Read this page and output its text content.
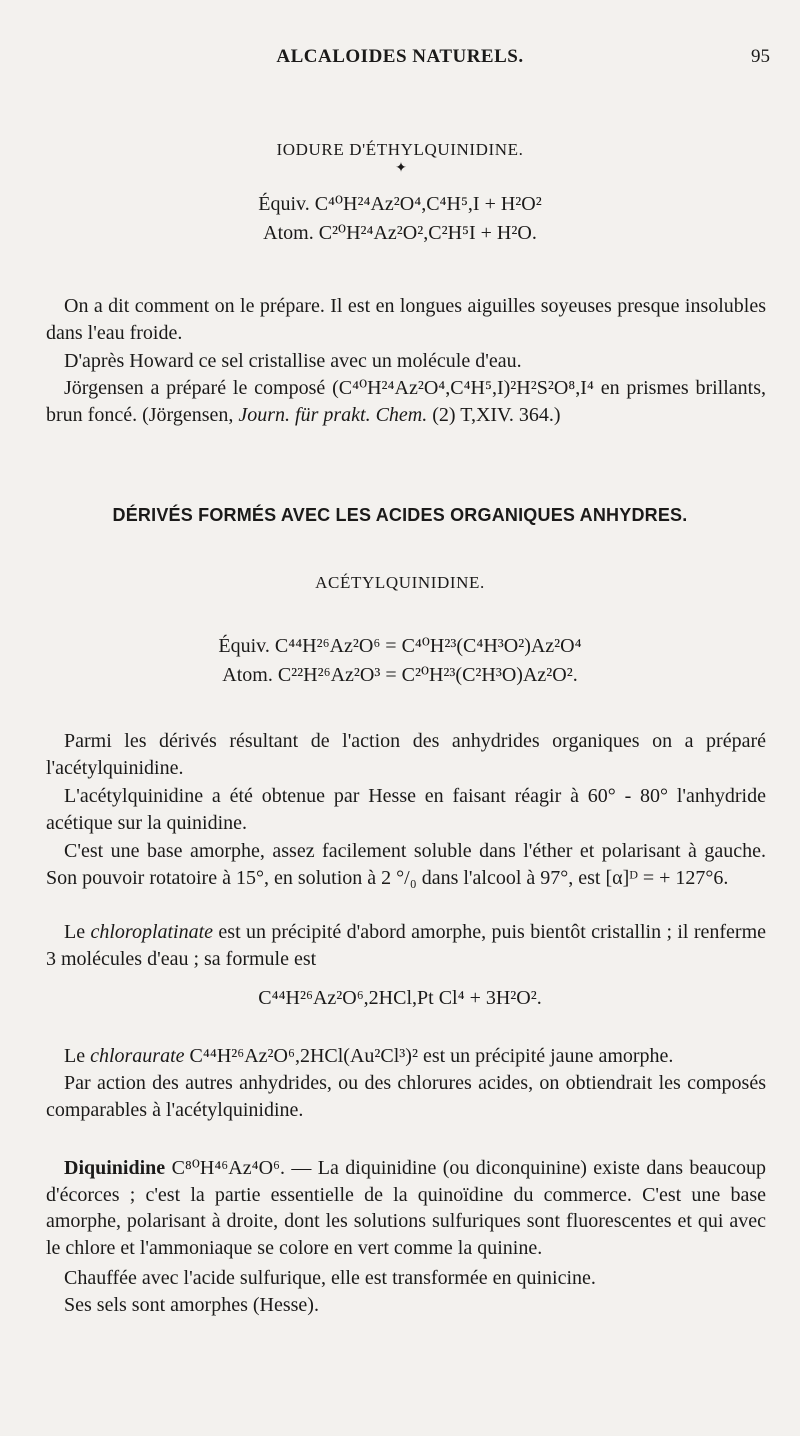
ALCALOIDES NATURELS.	95
IODURE D'ÉTHYLQUINIDINE.
✦
Équiv. C⁴⁰H²⁴Az²O⁴,C⁴H⁵,I + H²O²
Atom. C²⁰H²⁴Az²O²,C²H⁵I + H²O.
On a dit comment on le prépare. Il est en longues aiguilles soyeuses presque insolubles dans l'eau froide.
D'après Howard ce sel cristallise avec un molécule d'eau.
Jörgensen a préparé le composé (C⁴⁰H²⁴Az²O⁴,C⁴H⁵,I)²H²S²O⁸,I⁴ en prismes brillants, brun foncé. (Jörgensen, Journ. für prakt. Chem. (2) T,XIV. 364.)
DÉRIVÉS FORMÉS AVEC LES ACIDES ORGANIQUES ANHYDRES.
ACÉTYLQUINIDINE.
Équiv. C⁴⁴H²⁶Az²O⁶ = C⁴⁰H²³(C⁴H³O²)Az²O⁴
Atom. C²²H²⁶Az²O³ = C²⁰H²³(C²H³O)Az²O².
Parmi les dérivés résultant de l'action des anhydrides organiques on a préparé l'acétylquinidine.
L'acétylquinidine a été obtenue par Hesse en faisant réagir à 60° - 80° l'anhydride acétique sur la quinidine.
C'est une base amorphe, assez facilement soluble dans l'éther et polarisant à gauche. Son pouvoir rotatoire à 15°, en solution à 2 °/₀ dans l'alcool à 97°, est [α]ᴰ = + 127°6.
Le chloroplatinate est un précipité d'abord amorphe, puis bientôt cristallin ; il renferme 3 molécules d'eau ; sa formule est
C⁴⁴H²⁶Az²O⁶,2HCl,Pt Cl⁴ + 3H²O².
Le chloraurate C⁴⁴H²⁶Az²O⁶,2HCl(Au²Cl³)² est un précipité jaune amorphe.
Par action des autres anhydrides, ou des chlorures acides, on obtiendrait les composés comparables à l'acétylquinidine.
Diquinidine C⁸⁰H⁴⁶Az⁴O⁶. — La diquinidine (ou diconquinine) existe dans beaucoup d'écorces ; c'est la partie essentielle de la quinoïdine du commerce. C'est une base amorphe, polarisant à droite, dont les solutions sulfuriques sont fluorescentes et qui avec le chlore et l'ammoniaque se colore en vert comme la quinine.
Chauffée avec l'acide sulfurique, elle est transformée en quinicine.
Ses sels sont amorphes (Hesse).
